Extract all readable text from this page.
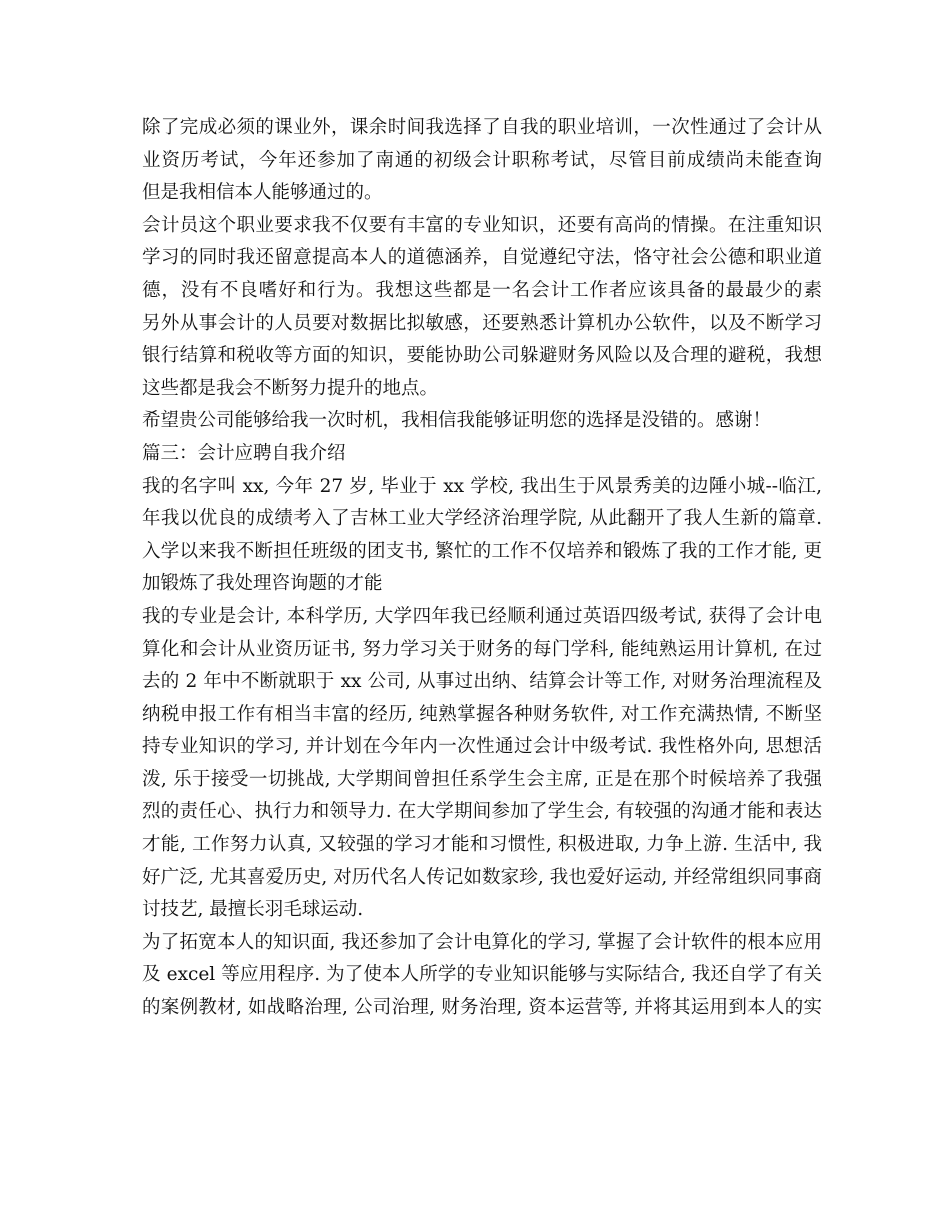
除了完成必须的课业外，课余时间我选择了自我的职业培训，一次性通过了会计从
业资历考试，今年还参加了南通的初级会计职称考试，尽管目前成绩尚未能查询
但是我相信本人能够通过的。
会计员这个职业要求我不仅要有丰富的专业知识，还要有高尚的情操。在注重知识
学习的同时我还留意提高本人的道德涵养，自觉遵纪守法，恪守社会公德和职业道
德，没有不良嗜好和行为。我想这些都是一名会计工作者应该具备的最最少的素
另外从事会计的人员要对数据比拟敏感，还要熟悉计算机办公软件，以及不断学习
银行结算和税收等方面的知识，要能协助公司躲避财务风险以及合理的避税，我想
这些都是我会不断努力提升的地点。
希望贵公司能够给我一次时机，我相信我能够证明您的选择是没错的。感谢！
篇三：会计应聘自我介绍
我的名字叫 xx, 今年 27 岁, 毕业于 xx 学校, 我出生于风景秀美的边陲小城--临江,
年我以优良的成绩考入了吉林工业大学经济治理学院, 从此翻开了我人生新的篇章.
入学以来我不断担任班级的团支书, 繁忙的工作不仅培养和锻炼了我的工作才能, 更
加锻炼了我处理咨询题的才能
我的专业是会计, 本科学历, 大学四年我已经顺利通过英语四级考试, 获得了会计电
算化和会计从业资历证书, 努力学习关于财务的每门学科, 能纯熟运用计算机, 在过
去的 2 年中不断就职于 xx 公司, 从事过出纳、结算会计等工作, 对财务治理流程及
纳税申报工作有相当丰富的经历, 纯熟掌握各种财务软件, 对工作充满热情, 不断坚
持专业知识的学习, 并计划在今年内一次性通过会计中级考试. 我性格外向, 思想活
泼, 乐于接受一切挑战, 大学期间曾担任系学生会主席, 正是在那个时候培养了我强
烈的责任心、执行力和领导力. 在大学期间参加了学生会, 有较强的沟通才能和表达
才能, 工作努力认真, 又较强的学习才能和习惯性, 积极进取, 力争上游. 生活中, 我
好广泛, 尤其喜爱历史, 对历代名人传记如数家珍, 我也爱好运动, 并经常组织同事商
讨技艺, 最擅长羽毛球运动.
为了拓宽本人的知识面, 我还参加了会计电算化的学习, 掌握了会计软件的根本应用
及 excel 等应用程序. 为了使本人所学的专业知识能够与实际结合, 我还自学了有关
的案例教材, 如战略治理, 公司治理, 财务治理, 资本运营等, 并将其运用到本人的实
